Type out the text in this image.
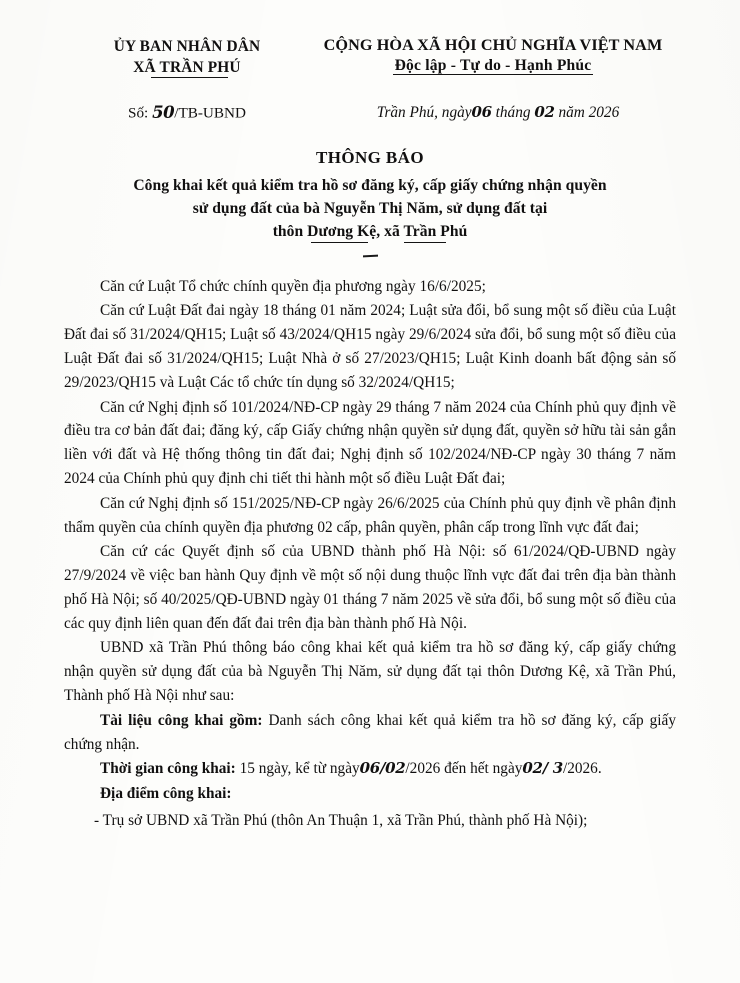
ỦY BAN NHÂN DÂN
XÃ TRẦN PHÚ
CỘNG HÒA XÃ HỘI CHỦ NGHĨA VIỆT NAM
Độc lập - Tự do - Hạnh Phúc
Số: 50/TB-UBND	Trần Phú, ngày06 tháng 02 năm 2026
THÔNG BÁO
Công khai kết quả kiểm tra hồ sơ đăng ký, cấp giấy chứng nhận quyền
sử dụng đất của bà Nguyễn Thị Năm, sử dụng đất tại
thôn Dương Kệ, xã Trần Phú

Căn cứ Luật Tổ chức chính quyền địa phương ngày 16/6/2025;

Căn cứ Luật Đất đai ngày 18 tháng 01 năm 2024; Luật sửa đổi, bổ sung một số điều của Luật Đất đai số 31/2024/QH15; Luật số 43/2024/QH15 ngày 29/6/2024 sửa đổi, bổ sung một số điều của Luật Đất đai số 31/2024/QH15; Luật Nhà ở số 27/2023/QH15; Luật Kinh doanh bất động sản số 29/2023/QH15 và Luật Các tổ chức tín dụng số 32/2024/QH15;

Căn cứ Nghị định số 101/2024/NĐ-CP ngày 29 tháng 7 năm 2024 của Chính phủ quy định về điều tra cơ bản đất đai; đăng ký, cấp Giấy chứng nhận quyền sử dụng đất, quyền sở hữu tài sản gắn liền với đất và Hệ thống thông tin đất đai; Nghị định số 102/2024/NĐ-CP ngày 30 tháng 7 năm 2024 của Chính phủ quy định chi tiết thi hành một số điều Luật Đất đai;

Căn cứ Nghị định số 151/2025/NĐ-CP ngày 26/6/2025 của Chính phủ quy định về phân định thẩm quyền của chính quyền địa phương 02 cấp, phân quyền, phân cấp trong lĩnh vực đất đai;

Căn cứ các Quyết định số của UBND thành phố Hà Nội: số 61/2024/QĐ-UBND ngày 27/9/2024 về việc ban hành Quy định về một số nội dung thuộc lĩnh vực đất đai trên địa bàn thành phố Hà Nội; số 40/2025/QĐ-UBND ngày 01 tháng 7 năm 2025 về sửa đổi, bổ sung một số điều của các quy định liên quan đến đất đai trên địa bàn thành phố Hà Nội.

UBND xã Trần Phú thông báo công khai kết quả kiểm tra hồ sơ đăng ký, cấp giấy chứng nhận quyền sử dụng đất của bà Nguyễn Thị Năm, sử dụng đất tại thôn Dương Kệ, xã Trần Phú, Thành phố Hà Nội như sau:

Tài liệu công khai gồm: Danh sách công khai kết quả kiểm tra hồ sơ đăng ký, cấp giấy chứng nhận.

Thời gian công khai: 15 ngày, kể từ ngày06/02/2026 đến hết ngày02/ 3/2026.

Địa điểm công khai:

- Trụ sở UBND xã Trần Phú (thôn An Thuận 1, xã Trần Phú, thành phố Hà Nội);
